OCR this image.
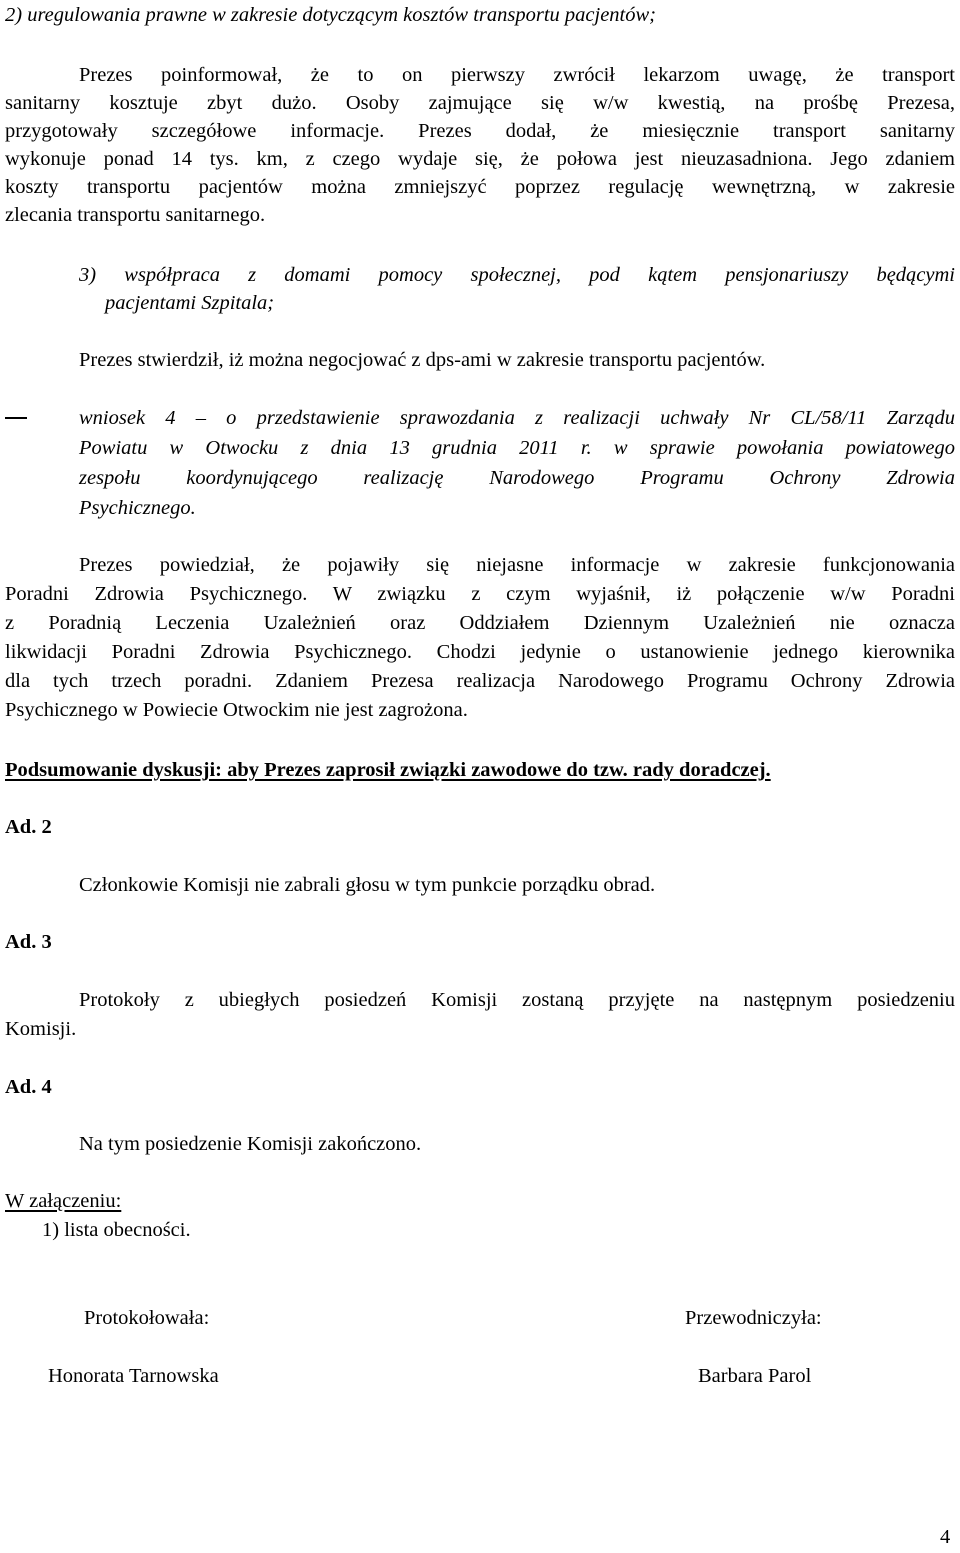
2) uregulowania prawne w zakresie dotyczącym kosztów transportu pacjentów;
Prezes poinformował, że to on pierwszy zwrócił lekarzom uwagę, że transport
sanitarny kosztuje zbyt dużo. Osoby zajmujące się w/w kwestią, na prośbę Prezesa,
przygotowały szczegółowe informacje. Prezes dodał, że miesięcznie transport sanitarny
wykonuje ponad 14 tys. km, z czego wydaje się, że połowa jest nieuzasadniona. Jego zdaniem
koszty transportu pacjentów można zmniejszyć poprzez regulację wewnętrzną, w zakresie
zlecania transportu sanitarnego.
3) współpraca z domami pomocy społecznej, pod kątem pensjonariuszy będącymi
pacjentami Szpitala;
Prezes stwierdził, iż można negocjować z dps-ami w zakresie transportu pacjentów.
wniosek 4 – o przedstawienie sprawozdania z realizacji uchwały Nr CL/58/11 Zarządu
Powiatu w Otwocku z dnia 13 grudnia 2011 r. w sprawie powołania powiatowego
zespołu koordynującego realizację Narodowego Programu Ochrony Zdrowia
Psychicznego.
Prezes powiedział, że pojawiły się niejasne informacje w zakresie funkcjonowania
Poradni Zdrowia Psychicznego. W związku z czym wyjaśnił, iż połączenie w/w Poradni
z Poradnią Leczenia Uzależnień oraz Oddziałem Dziennym Uzależnień nie oznacza
likwidacji Poradni Zdrowia Psychicznego. Chodzi jedynie o ustanowienie jednego kierownika
dla tych trzech poradni. Zdaniem Prezesa realizacja Narodowego Programu Ochrony Zdrowia
Psychicznego w Powiecie Otwockim nie jest zagrożona.
Podsumowanie dyskusji: aby Prezes zaprosił związki zawodowe do tzw. rady doradczej.
Ad. 2
Członkowie Komisji nie zabrali głosu w tym punkcie porządku obrad.
Ad. 3
Protokoły z ubiegłych posiedzeń Komisji zostaną przyjęte na następnym posiedzeniu
Komisji.
Ad. 4
Na tym posiedzenie Komisji zakończono.
W załączeniu:
1) lista obecności.
Protokołowała:
Honorata Tarnowska
Przewodniczyła:
Barbara Parol
4
